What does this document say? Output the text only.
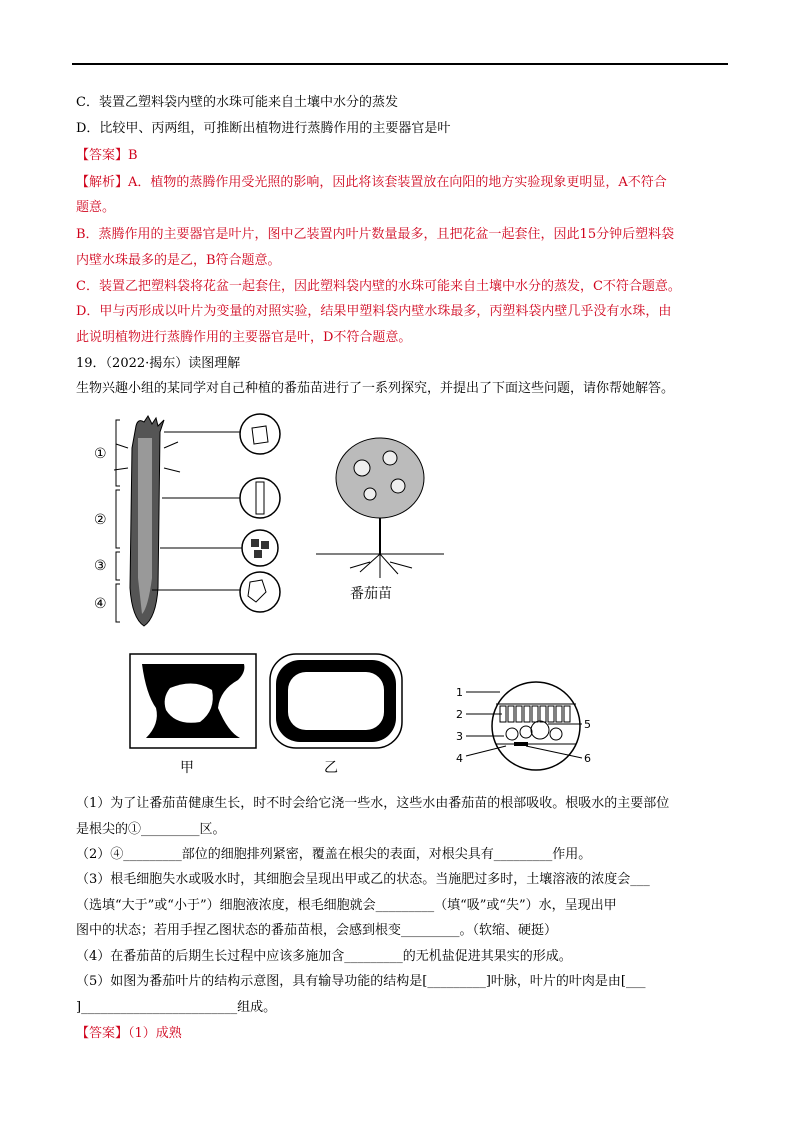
C．装置乙塑料袋内壁的水珠可能来自土壤中水分的蒸发
D．比较甲、丙两组，可推断出植物进行蒸腾作用的主要器官是叶
【答案】B
【解析】A．植物的蒸腾作用受光照的影响，因此将该套装置放在向阳的地方实验现象更明显，A不符合
题意。
B．蒸腾作用的主要器官是叶片，图中乙装置内叶片数量最多，且把花盆一起套住，因此15分钟后塑料袋
内壁水珠最多的是乙，B符合题意。
C．装置乙把塑料袋将花盆一起套住，因此塑料袋内壁的水珠可能来自土壤中水分的蒸发，C不符合题意。
D．甲与丙形成以叶片为变量的对照实验，结果甲塑料袋内壁水珠最多，丙塑料袋内壁几乎没有水珠，由
此说明植物进行蒸腾作用的主要器官是叶，D不符合题意。
19．（2022·揭东）读图理解
生物兴趣小组的某同学对自己种植的番茄苗进行了一系列探究，并提出了下面这些问题，请你帮她解答。
①
②
③
④
番茄苗
甲	乙
1
2
3
4
5
6
（1）为了让番茄苗健康生长，时不时会给它浇一些水，这些水由番茄苗的根部吸收。根吸水的主要部位
是根尖的①_________区。
（2）④_________部位的细胞排列紧密，覆盖在根尖的表面，对根尖具有_________作用。
（3）根毛细胞失水或吸水时，其细胞会呈现出甲或乙的状态。当施肥过多时，土壤溶液的浓度会___
（选填“大于”或“小于”）细胞液浓度，根毛细胞就会_________（填“吸”或“失”）水，呈现出甲
图中的状态；若用手捏乙图状态的番茄苗根，会感到根变_________。（软缩、硬挺）
（4）在番茄苗的后期生长过程中应该多施加含_________的无机盐促进其果实的形成。
（5）如图为番茄叶片的结构示意图，具有输导功能的结构是[_________]叶脉，叶片的叶肉是由[___
]________________________组成。
【答案】（1）成熟
